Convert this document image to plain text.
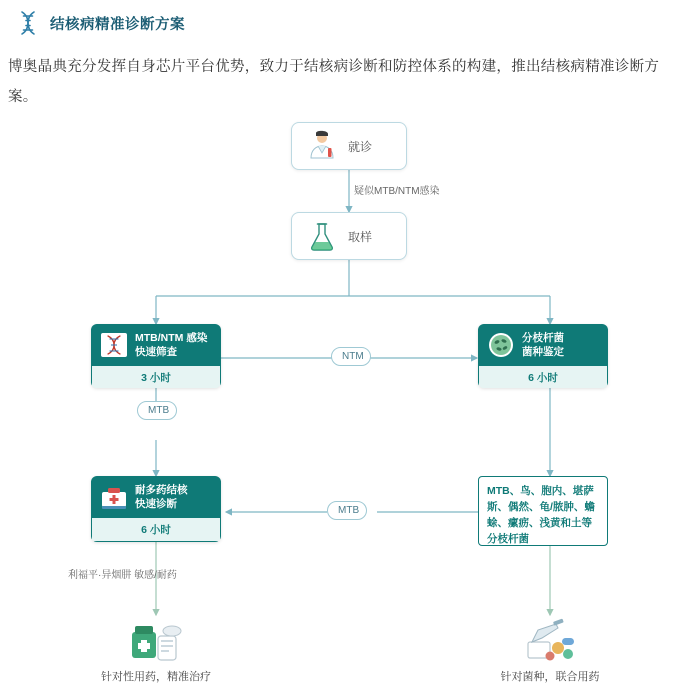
结核病精准诊断方案
博奥晶典充分发挥自身芯片平台优势，致力于结核病诊断和防控体系的构建，推出结核病精准诊断方案。
就诊
取样
MTB/NTM 感染
快速筛查
3 小时
分枝杆菌
菌种鉴定
6 小时
耐多药结核
快速诊断
6 小时
MTB、鸟、胞内、堪萨斯、偶然、龟/脓肿、蟾蜍、瘰疬、浅黄和土等分枝杆菌
NTM
MTB
MTB
疑似MTB/NTM感染
利福平·异烟肼 敏感/耐药
针对性用药，精准治疗	针对菌种，联合用药
